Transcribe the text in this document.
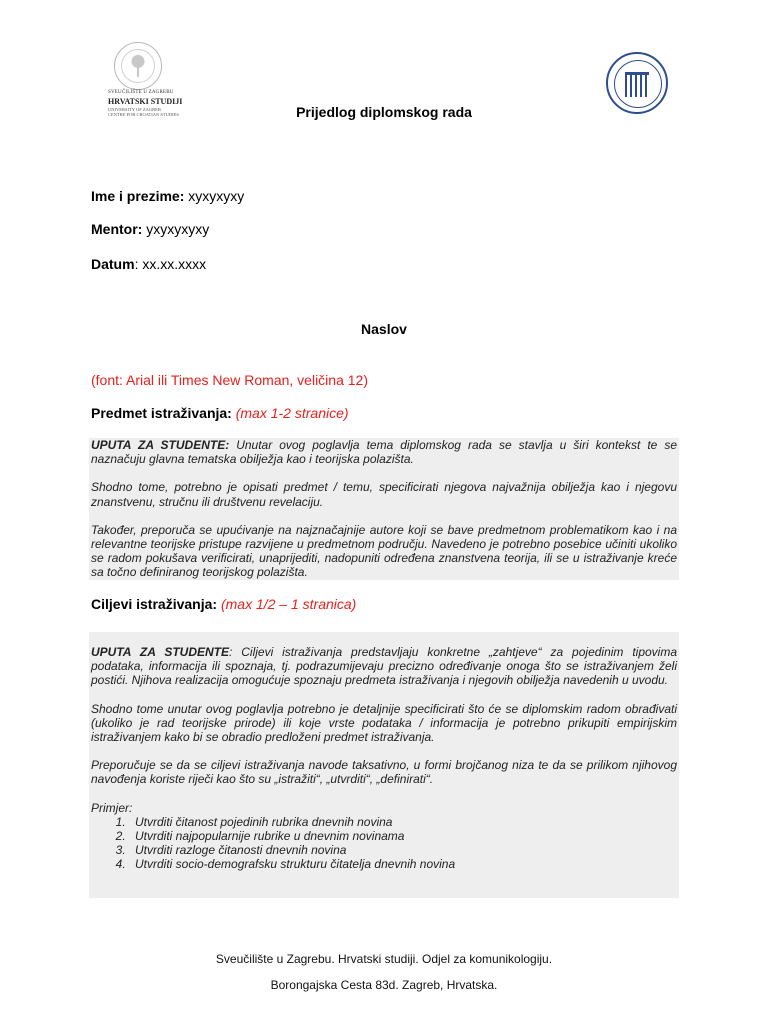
SVEUČILIŠTE U ZAGREBU
HRVATSKI STUDIJI
UNIVERSITY OF ZAGREB
CENTRE FOR CROATIAN STUDIES	Prijedlog diplomskog rada
Ime i prezime: xyxyxyxy
Mentor: yxyxyxyxy
Datum: xx.xx.xxxx
Naslov
(font: Arial ili Times New Roman, veličina 12)
Predmet istraživanja: (max 1-2 stranice)

UPUTA ZA STUDENTE: Unutar ovog poglavlja tema diplomskog rada se stavlja u širi kontekst te se naznačuju glavna tematska obilježja kao i teorijska polazišta.

Shodno tome, potrebno je opisati predmet / temu, specificirati njegova najvažnija obilježja kao i njegovu znanstvenu, stručnu ili društvenu revelaciju.

Također, preporuča se upućivanje na najznačajnije autore koji se bave predmetnom problematikom kao i na relevantne teorijske pristupe razvijene u predmetnom području. Navedeno je potrebno posebice učiniti ukoliko se radom pokušava verificirati, unaprijediti, nadopuniti određena znanstvena teorija, ili se u istraživanje kreće sa točno definiranog teorijskog polazišta.

Ciljevi istraživanja: (max 1/2 – 1 stranica)

UPUTA ZA STUDENTE: Ciljevi istraživanja predstavljaju konkretne „zahtjeve“ za pojedinim tipovima podataka, informacija ili spoznaja, tj. podrazumijevaju precizno određivanje onoga što se istraživanjem želi postići. Njihova realizacija omogućuje spoznaju predmeta istraživanja i njegovih obilježja navedenih u uvodu.

Shodno tome unutar ovog poglavlja potrebno je detaljnije specificirati što će se diplomskim radom obrađivati (ukoliko je rad teorijske prirode) ili koje vrste podataka / informacija je potrebno prikupiti empirijskim istraživanjem kako bi se obradio predloženi predmet istraživanja.

Preporučuje se da se ciljevi istraživanja navode taksativno, u formi brojčanog niza te da se prilikom njihovog navođenja koriste riječi kao što su „istražiti“, „utvrditi“, „definirati“.

Primjer:

1. Utvrditi čitanost pojedinih rubrika dnevnih novina
2. Utvrditi najpopularnije rubrike u dnevnim novinama
3. Utvrditi razloge čitanosti dnevnih novina
4. Utvrditi socio-demografsku strukturu čitatelja dnevnih novina
Sveučilište u Zagrebu. Hrvatski studiji. Odjel za komunikologiju.
Borongajska Cesta 83d. Zagreb, Hrvatska.
